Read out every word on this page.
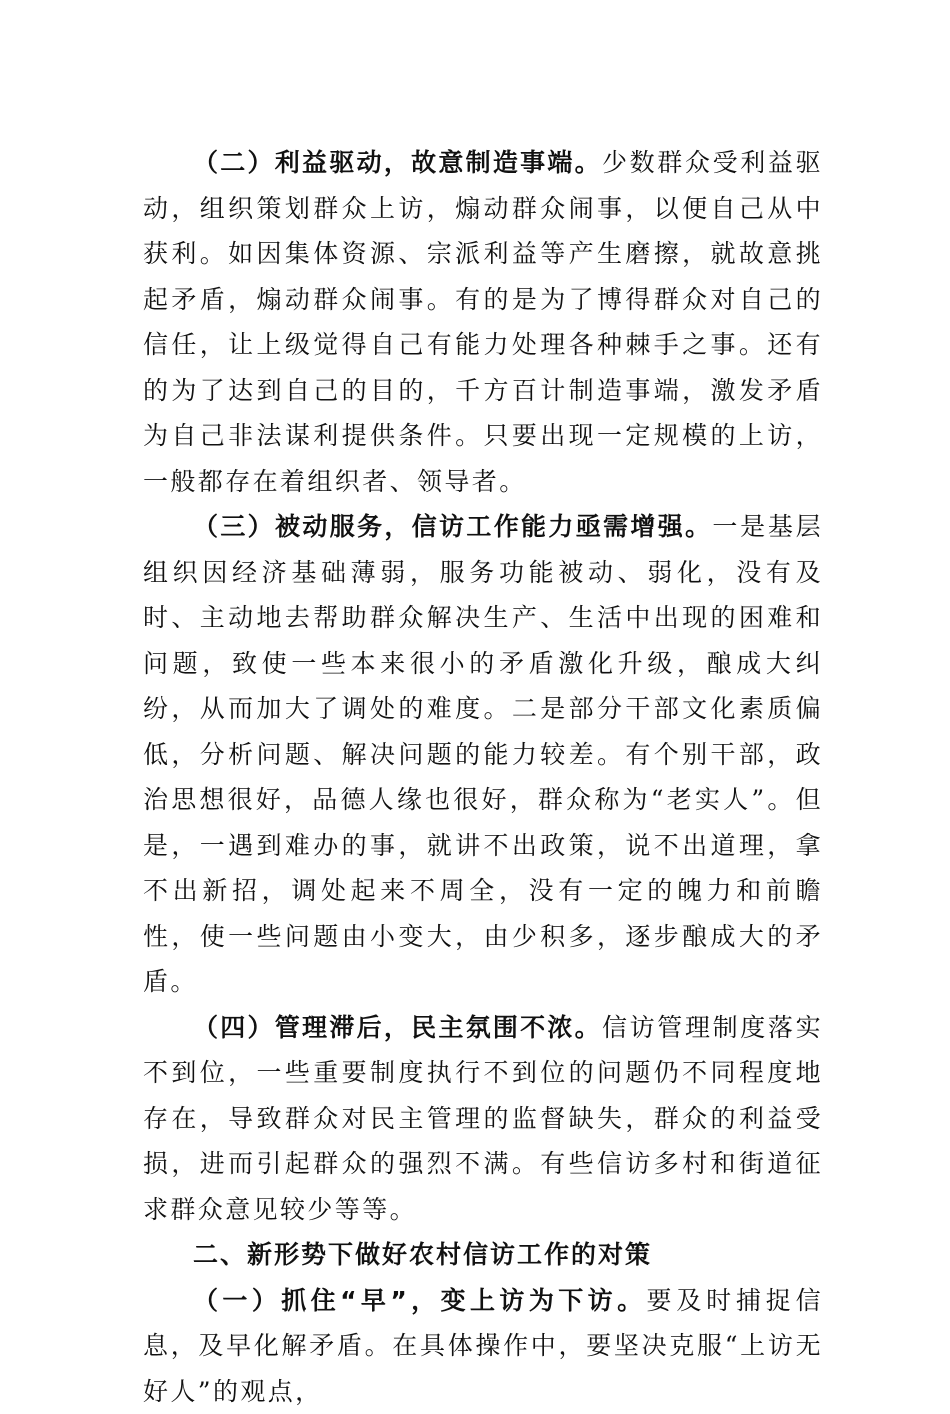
（二）利益驱动，故意制造事端。少数群众受利益驱动，组织策划群众上访，煽动群众闹事，以便自己从中获利。如因集体资源、宗派利益等产生磨擦，就故意挑起矛盾，煽动群众闹事。有的是为了博得群众对自己的信任，让上级觉得自己有能力处理各种棘手之事。还有的为了达到自己的目的，千方百计制造事端，激发矛盾为自己非法谋利提供条件。只要出现一定规模的上访，一般都存在着组织者、领导者。

（三）被动服务，信访工作能力亟需增强。一是基层组织因经济基础薄弱，服务功能被动、弱化，没有及时、主动地去帮助群众解决生产、生活中出现的困难和问题，致使一些本来很小的矛盾激化升级，酿成大纠纷，从而加大了调处的难度。二是部分干部文化素质偏低，分析问题、解决问题的能力较差。有个别干部，政治思想很好，品德人缘也很好，群众称为“老实人”。但是，一遇到难办的事，就讲不出政策，说不出道理，拿不出新招，调处起来不周全，没有一定的魄力和前瞻性，使一些问题由小变大，由少积多，逐步酿成大的矛盾。

（四）管理滞后，民主氛围不浓。信访管理制度落实不到位，一些重要制度执行不到位的问题仍不同程度地存在，导致群众对民主管理的监督缺失，群众的利益受损，进而引起群众的强烈不满。有些信访多村和街道征求群众意见较少等等。

二、新形势下做好农村信访工作的对策

（一）抓住“早”，变上访为下访。要及时捕捉信息，及早化解矛盾。在具体操作中，要坚决克服“上访无好人”的观点，
